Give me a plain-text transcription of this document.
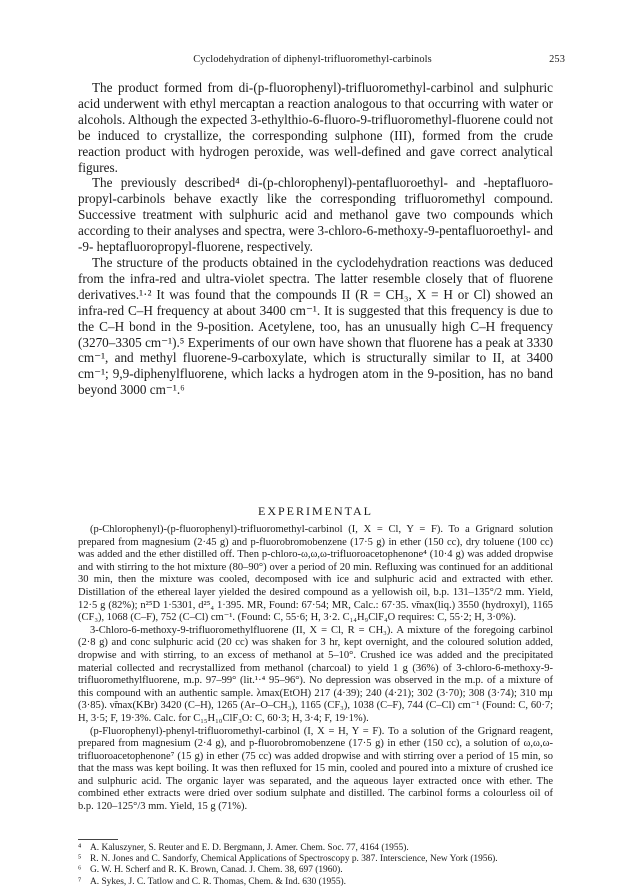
Cyclodehydration of diphenyl-trifluoromethyl-carbinols	253

The product formed from di-(p-fluorophenyl)-trifluoromethyl-carbinol and sulphuric acid underwent with ethyl mercaptan a reaction analogous to that occurring with water or alcohols. Although the expected 3-ethylthio-6-fluoro-9-trifluoromethyl-fluorene could not be induced to crystallize, the corresponding sulphone (III), formed from the crude reaction product with hydrogen peroxide, was well-defined and gave correct analytical figures.

The previously described⁴ di-(p-chlorophenyl)-pentafluoroethyl- and -heptafluoro-propyl-carbinols behave exactly like the corresponding trifluoromethyl compound. Successive treatment with sulphuric acid and methanol gave two compounds which according to their analyses and spectra, were 3-chloro-6-methoxy-9-pentafluoroethyl- and -9- heptafluoropropyl-fluorene, respectively.

The structure of the products obtained in the cyclodehydration reactions was deduced from the infra-red and ultra-violet spectra. The latter resemble closely that of fluorene derivatives.¹·² It was found that the compounds II (R = CH₃, X = H or Cl) showed an infra-red C–H frequency at about 3400 cm⁻¹. It is suggested that this frequency is due to the C–H bond in the 9-position. Acetylene, too, has an unusually high C–H frequency (3270–3305 cm⁻¹).⁵ Experiments of our own have shown that fluorene has a peak at 3330 cm⁻¹, and methyl fluorene-9-carboxylate, which is structurally similar to II, at 3400 cm⁻¹; 9,9-diphenylfluorene, which lacks a hydrogen atom in the 9-position, has no band beyond 3000 cm⁻¹.⁶

EXPERIMENTAL

(p-Chlorophenyl)-(p-fluorophenyl)-trifluoromethyl-carbinol (I, X = Cl, Y = F). To a Grignard solution prepared from magnesium (2·45 g) and p-fluorobromobenzene (17·5 g) in ether (150 cc), dry toluene (100 cc) was added and the ether distilled off. Then p-chloro-ω,ω,ω-trifluoroacetophenone⁴ (10·4 g) was added dropwise and with stirring to the hot mixture (80–90°) over a period of 20 min. Refluxing was continued for an additional 30 min, then the mixture was cooled, decomposed with ice and sulphuric acid and extracted with ether. Distillation of the ethereal layer yielded the desired compound as a yellowish oil, b.p. 131–135°/2 mm. Yield, 12·5 g (82%); n²⁵D 1·5301, d²⁵₄ 1·395. MR, Found: 67·54; MR, Calc.: 67·35. ν̃max(liq.) 3550 (hydroxyl), 1165 (CF₃), 1068 (C–F), 752 (C–Cl) cm⁻¹. (Found: C, 55·6; H, 3·2. C₁₄H₉ClF₄O requires: C, 55·2; H, 3·0%).

3-Chloro-6-methoxy-9-trifluoromethylfluorene (II, X = Cl, R = CH₃). A mixture of the foregoing carbinol (2·8 g) and conc sulphuric acid (20 cc) was shaken for 3 hr, kept overnight, and the coloured solution added, dropwise and with stirring, to an excess of methanol at 5–10°. Crushed ice was added and the precipitated material collected and recrystallized from methanol (charcoal) to yield 1 g (36%) of 3-chloro-6-methoxy-9-trifluoromethylfluorene, m.p. 97–99° (lit.¹·⁴ 95–96°). No depression was observed in the m.p. of a mixture of this compound with an authentic sample. λmax(EtOH) 217 (4·39); 240 (4·21); 302 (3·70); 308 (3·74); 310 mμ (3·85). ν̃max(KBr) 3420 (C–H), 1265 (Ar–O–CH₃), 1165 (CF₃), 1038 (C–F), 744 (C–Cl) cm⁻¹ (Found: C, 60·7; H, 3·5; F, 19·3%. Calc. for C₁₅H₁₀ClF₃O: C, 60·3; H, 3·4; F, 19·1%).

(p-Fluorophenyl)-phenyl-trifluoromethyl-carbinol (I, X = H, Y = F). To a solution of the Grignard reagent, prepared from magnesium (2·4 g), and p-fluorobromobenzene (17·5 g) in ether (150 cc), a solution of ω,ω,ω-trifluoroacetophenone⁷ (15 g) in ether (75 cc) was added dropwise and with stirring over a period of 15 min, so that the mass was kept boiling. It was then refluxed for 15 min, cooled and poured into a mixture of crushed ice and sulphuric acid. The organic layer was separated, and the aqueous layer extracted once with ether. The combined ether extracts were dried over sodium sulphate and distilled. The carbinol forms a colourless oil of b.p. 120–125°/3 mm. Yield, 15 g (71%).

⁴ A. Kaluszyner, S. Reuter and E. D. Bergmann, J. Amer. Chem. Soc. 77, 4164 (1955).
⁵ R. N. Jones and C. Sandorfy, Chemical Applications of Spectroscopy p. 387. Interscience, New York (1956).
⁶ G. W. H. Scherf and R. K. Brown, Canad. J. Chem. 38, 697 (1960).
⁷ A. Sykes, J. C. Tatlow and C. R. Thomas, Chem. & Ind. 630 (1955).
